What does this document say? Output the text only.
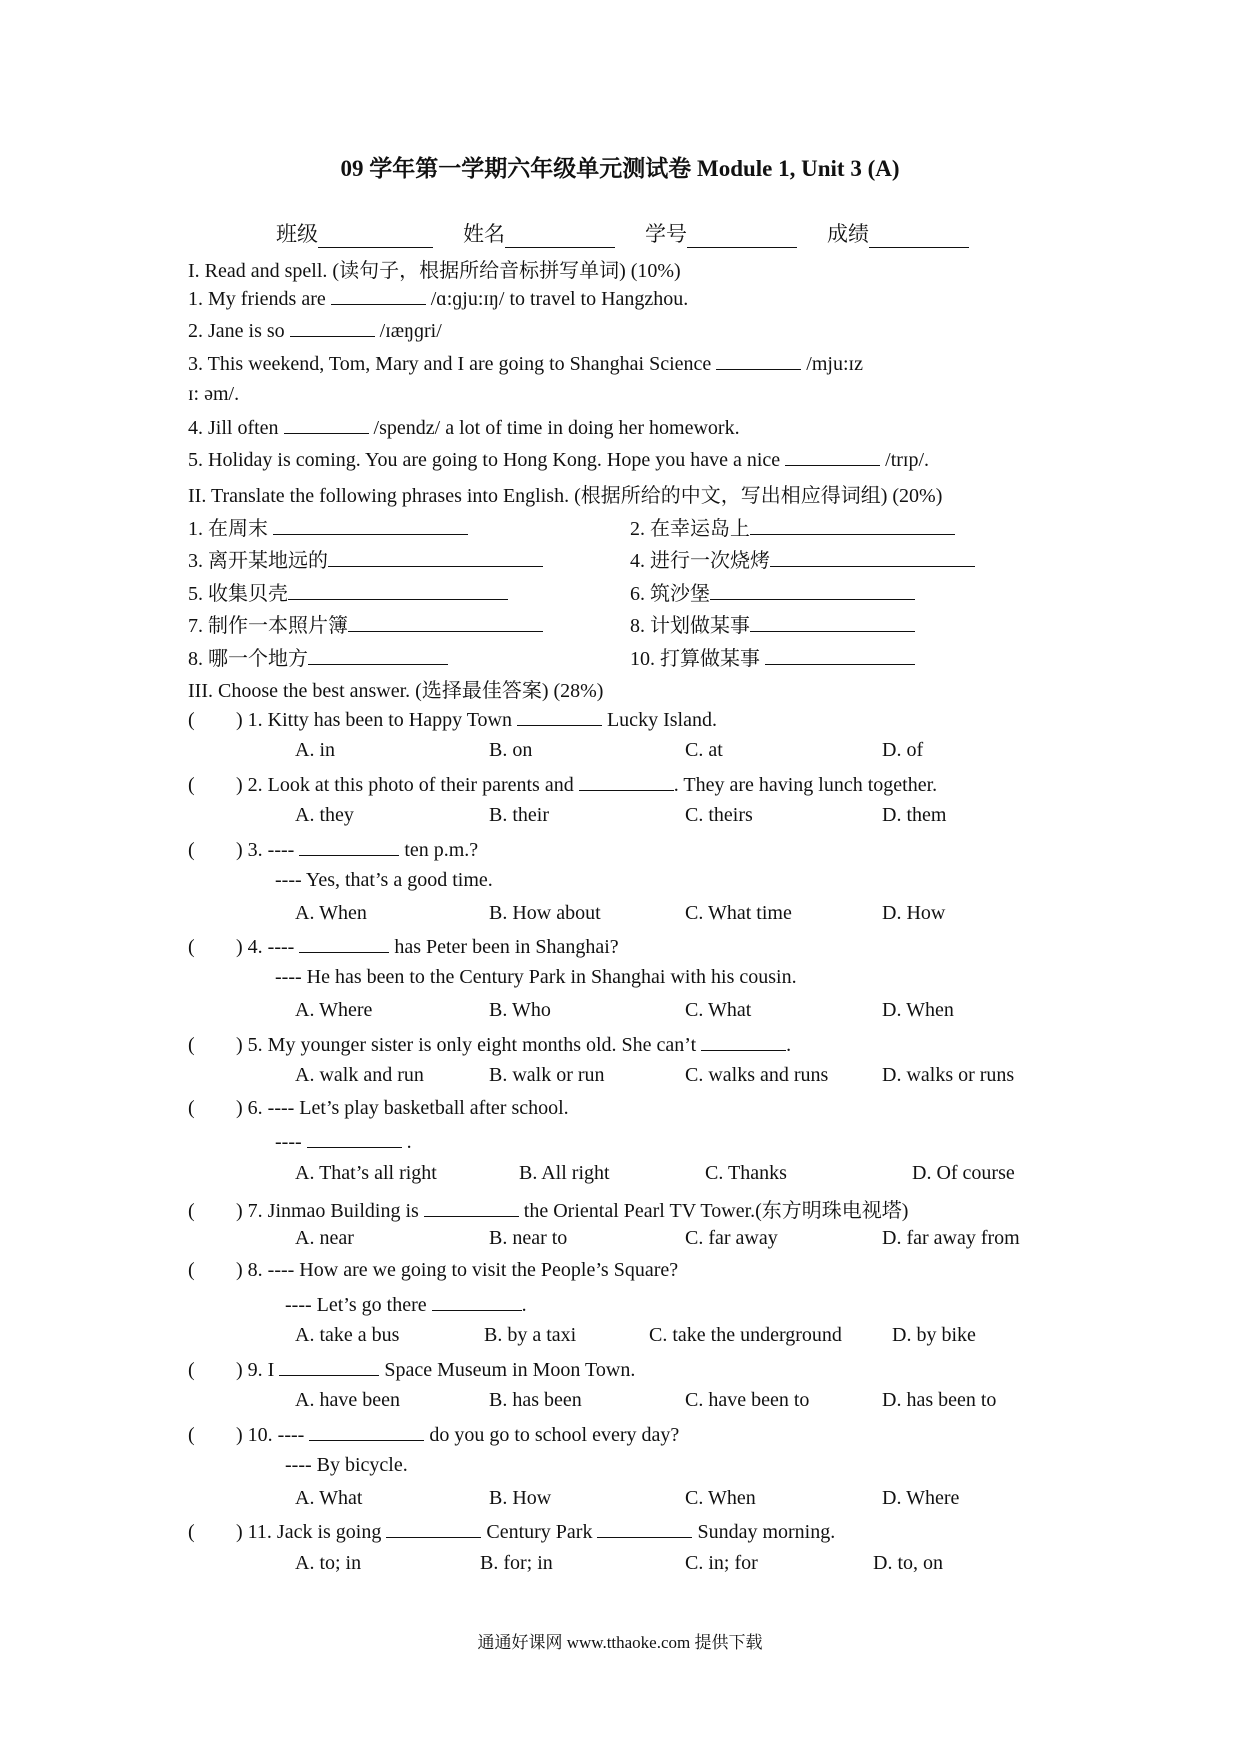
09 学年第一学期六年级单元测试卷 Module 1, Unit 3 (A)
班级	姓名	学号	成绩
I. Read and spell. (读句子，根据所给音标拼写单词) (10%)
1. My friends are	/ɑ:ɡju:ɪŋ/ to travel to Hangzhou.
2. Jane is so	/ɪæŋɡri/
3. This weekend, Tom, Mary and I are going to Shanghai Science	/mju:ɪz
ɪ: əm/.
4. Jill often	/spendz/ a lot of time in doing her homework.
5. Holiday is coming. You are going to Hong Kong. Hope you have a nice	/trɪp/.
II. Translate the following phrases into English. (根据所给的中文，写出相应得词组) (20%)
1. 在周末	2. 在幸运岛上
3. 离开某地远的	4. 进行一次烧烤
5. 收集贝壳	6. 筑沙堡
7. 制作一本照片簿	8. 计划做某事
8. 哪一个地方	10. 打算做某事
III. Choose the best answer. (选择最佳答案) (28%)
( ) 1. Kitty has been to Happy Town	Lucky Island.
A. in	B. on	C. at	D. of
( ) 2. Look at this photo of their parents and	. They are having lunch together.
A. they	B. their	C. theirs	D. them
( ) 3. ----	ten p.m.?
---- Yes, that’s a good time.
A. When	B. How about	C. What time	D. How
( ) 4. ----	has Peter been in Shanghai?
---- He has been to the Century Park in Shanghai with his cousin.
A. Where	B. Who	C. What	D. When
( ) 5. My younger sister is only eight months old. She can’t	.
A. walk and run	B. walk or run	C. walks and runs	D. walks or runs
( ) 6. ---- Let’s play basketball after school.
----	.
A. That’s all right	B. All right	C. Thanks	D. Of course
( ) 7. Jinmao Building is	the Oriental Pearl TV Tower.(东方明珠电视塔)
A. near	B. near to	C. far away	D. far away from
( ) 8. ---- How are we going to visit the People’s Square?
---- Let’s go there	.
A. take a bus	B. by a taxi	C. take the underground	D. by bike
( ) 9. I	Space Museum in Moon Town.
A. have been	B. has been	C. have been to	D. has been to
( ) 10. ----	do you go to school every day?
---- By bicycle.
A. What	B. How	C. When	D. Where
( ) 11. Jack is going	Century Park	Sunday morning.
A. to; in	B. for; in	C. in; for	D. to, on
通通好课网 www.tthaoke.com 提供下载
